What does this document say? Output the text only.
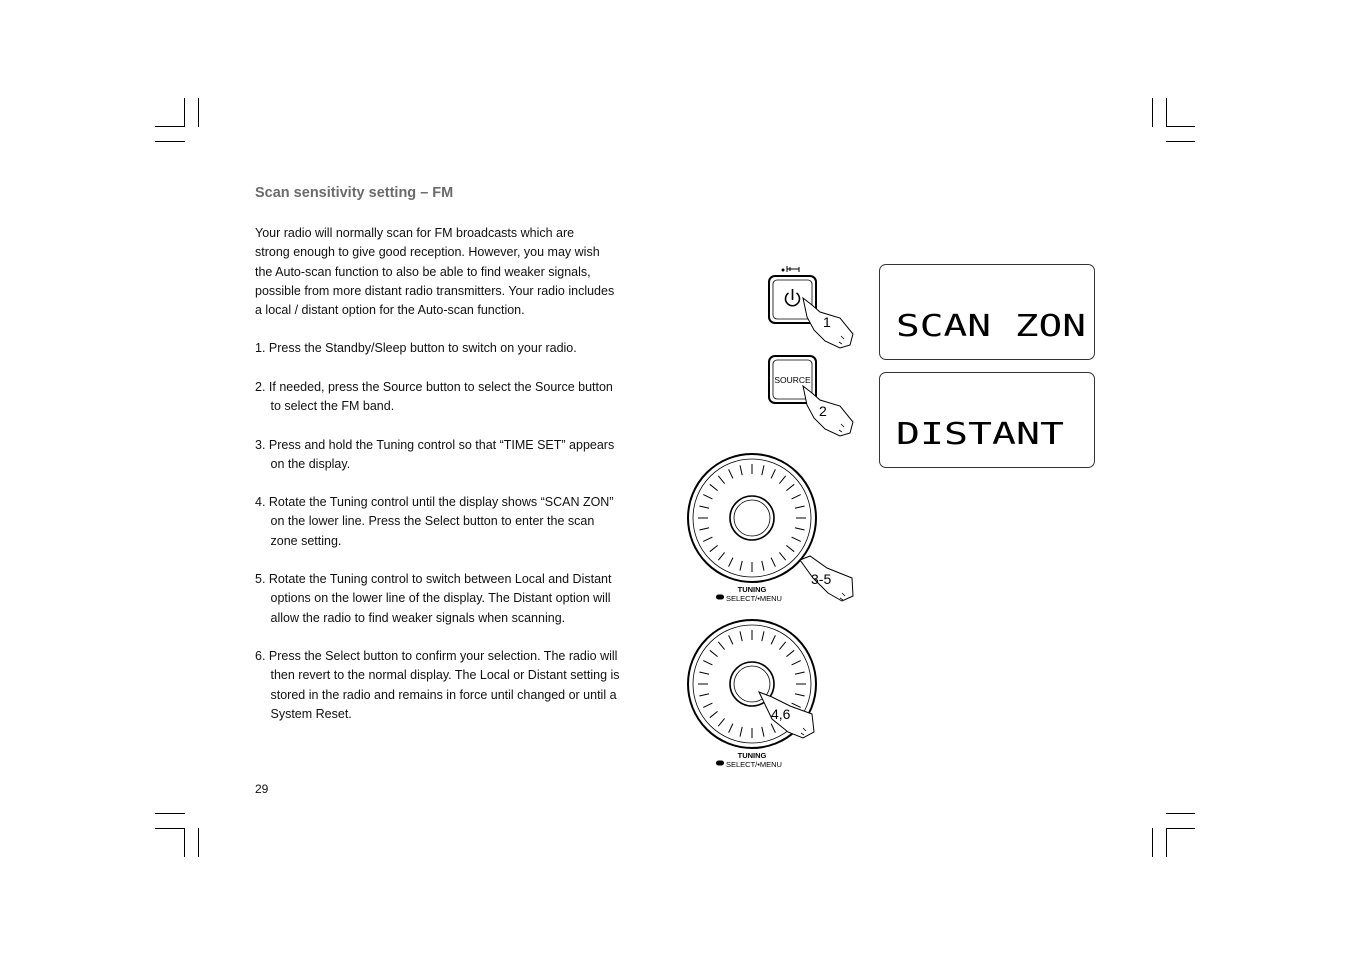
Scan sensitivity setting – FM

Your radio will normally scan for FM broadcasts which are

strong enough to give good reception. However, you may wish

the Auto-scan function to also be able to find weaker signals,

possible from more distant radio transmitters. Your radio includes

a local / distant option for the Auto-scan function.

1. Press the Standby/Sleep button to switch on your radio.
2. If needed, press the Source button to select the Source button
to select the FM band.
3. Press and hold the Tuning control so that “TIME SET” appears
on the display.
4. Rotate the Tuning control until the display shows “SCAN ZON”
on the lower line. Press the Select button to enter the scan
zone setting.
5. Rotate the Tuning control to switch between Local and Distant
options on the lower line of the display. The Distant option will
allow the radio to find weaker signals when scanning.
6. Press the Select button to confirm your selection. The radio will
then revert to the normal display. The Local or Distant setting is
stored in the radio and remains in force until changed or until a
System Reset.
29
1
SOURCE
2
3-5
TUNING
SELECT/•MENU
4,6
TUNING
SELECT/•MENU
SCAN ZON
DISTANT
